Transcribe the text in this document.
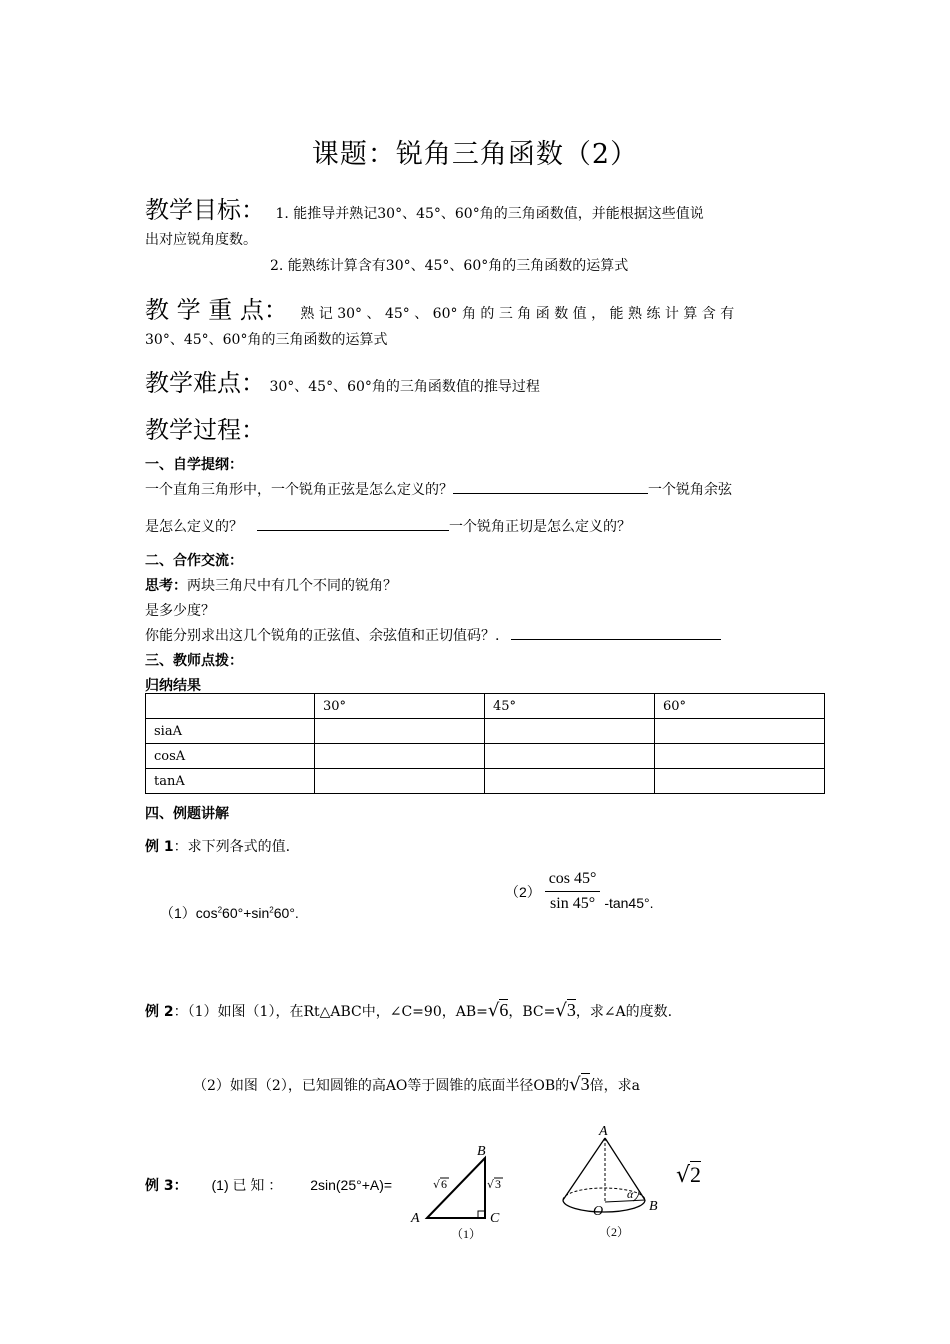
课题：锐角三角函数（2）
教学目标： 1. 能推导并熟记30°、45°、60°角的三角函数值，并能根据这些值说
出对应锐角度数。
2. 能熟练计算含有30°、45°、60°角的三角函数的运算式
教 学 重 点： 熟 记 30° 、 45° 、 60° 角 的 三 角 函 数 值 ， 能 熟 练 计 算 含 有
30°、45°、60°角的三角函数的运算式
教学难点： 30°、45°、60°角的三角函数值的推导过程
教学过程：
一、自学提纲：
一个直角三角形中，一个锐角正弦是怎么定义的？	一个锐角余弦
是怎么定义的？	一个锐角正切是怎么定义的？
二、合作交流：
思考：两块三角尺中有几个不同的锐角？
是多少度？
你能分别求出这几个锐角的正弦值、余弦值和正切值码？.
三、教师点拨：
归纳结果
	30°	45°	60°
siaA			
cosA			
tanA			
四、例题讲解
例 1：求下列各式的值.
$(1)\cos^260^\circ+\sin^260^\circ$.
$(2) \frac{\cos 45^\circ}{\sin 45^\circ} -\tan 45^\circ$.
例 2：（1）如图（1），在Rt△ABC中，∠C=90，AB=√6，BC=√3，求∠A的度数.
（2）如图（2），已知圆锥的高AO等于圆锥的底面半径OB的√3倍，求a
例 3： (1) 已 知 ： 2sin(25°+A)=	√2
B
A	C
√ 6	√ 3
（1）
A
O	B
α
（2）
